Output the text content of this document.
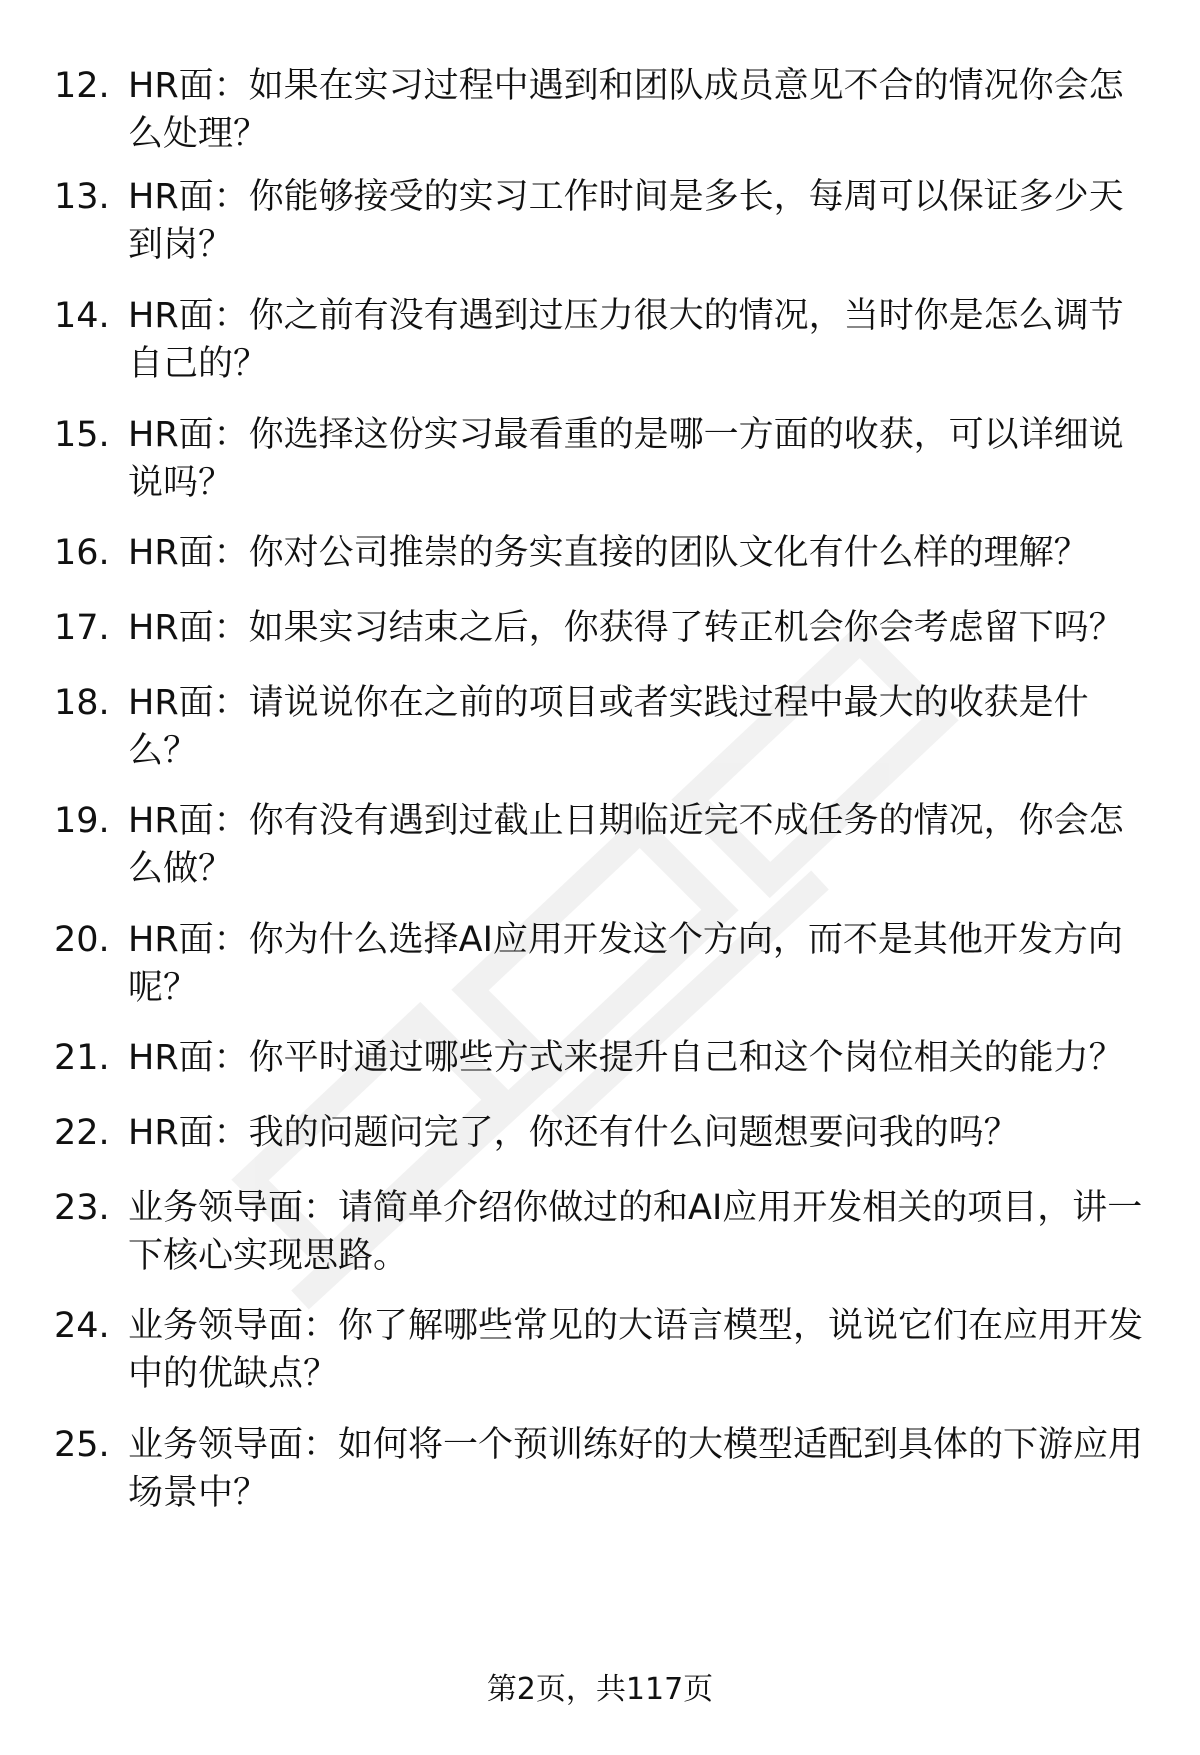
12. HR面：如果在实习过程中遇到和团队成员意见不合的情况你会怎么处理？
13. HR面：你能够接受的实习工作时间是多长，每周可以保证多少天到岗？
14. HR面：你之前有没有遇到过压力很大的情况，当时你是怎么调节自己的？
15. HR面：你选择这份实习最看重的是哪一方面的收获，可以详细说说吗？
16. HR面：你对公司推崇的务实直接的团队文化有什么样的理解？
17. HR面：如果实习结束之后，你获得了转正机会你会考虑留下吗？
18. HR面：请说说你在之前的项目或者实践过程中最大的收获是什么？
19. HR面：你有没有遇到过截止日期临近完不成任务的情况，你会怎么做？
20. HR面：你为什么选择AI应用开发这个方向，而不是其他开发方向呢？
21. HR面：你平时通过哪些方式来提升自己和这个岗位相关的能力？
22. HR面：我的问题问完了，你还有什么问题想要问我的吗？
23. 业务领导面：请简单介绍你做过的和AI应用开发相关的项目，讲一下核心实现思路。
24. 业务领导面：你了解哪些常见的大语言模型，说说它们在应用开发中的优缺点？
25. 业务领导面：如何将一个预训练好的大模型适配到具体的下游应用场景中？
第2页，共117页
